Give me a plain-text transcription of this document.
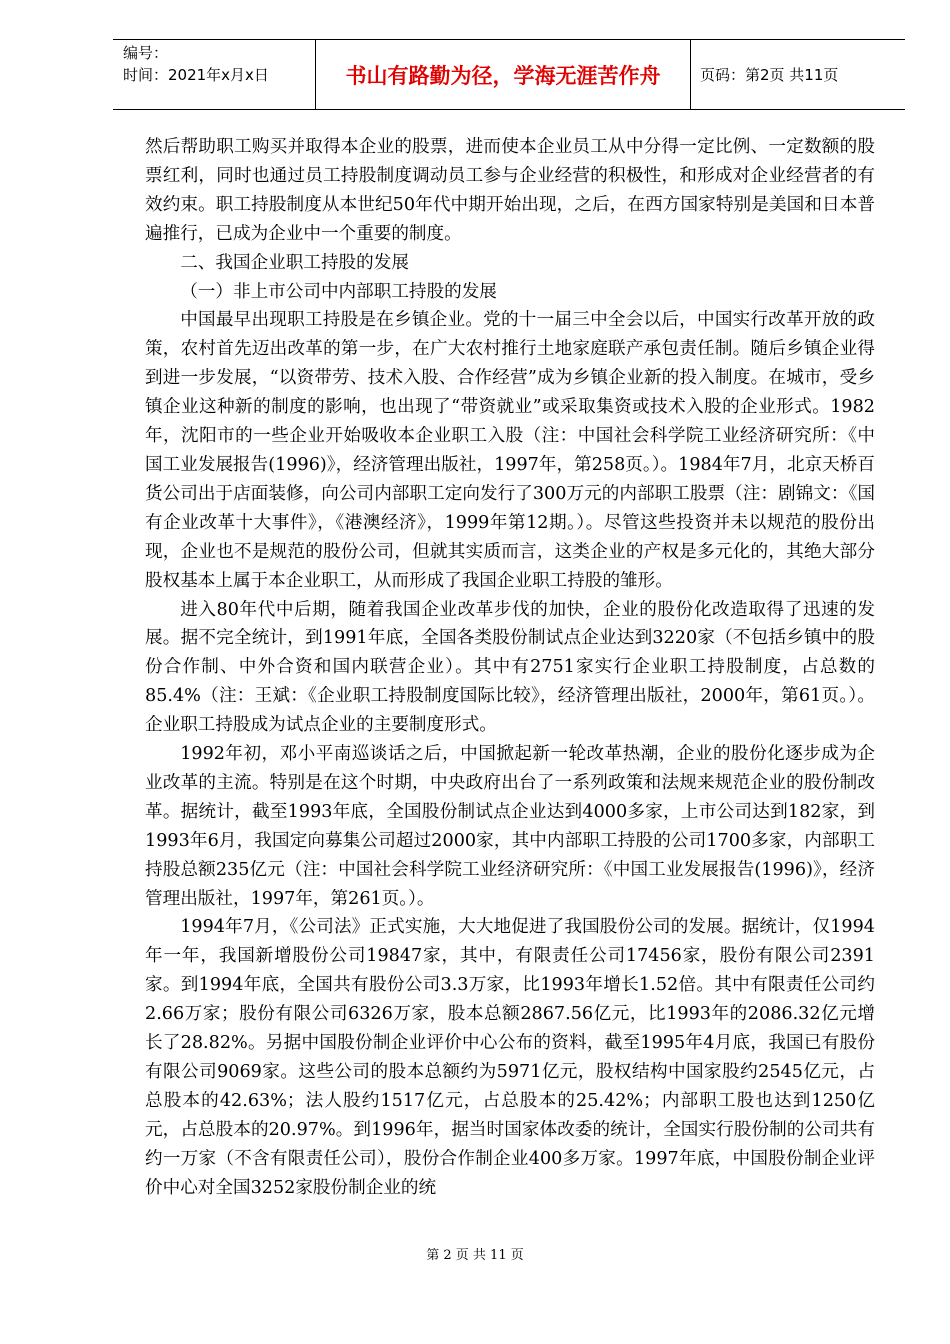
编号：
时间：2021年x月x日	书山有路勤为径，学海无涯苦作舟	页码：第2页 共11页

然后帮助职工购买并取得本企业的股票，进而使本企业员工从中分得一定比例、一定数额的股票红利，同时也通过员工持股制度调动员工参与企业经营的积极性，和形成对企业经营者的有效约束。职工持股制度从本世纪50年代中期开始出现，之后，在西方国家特别是美国和日本普遍推行，已成为企业中一个重要的制度。

二、我国企业职工持股的发展

（一）非上市公司中内部职工持股的发展

中国最早出现职工持股是在乡镇企业。党的十一届三中全会以后，中国实行改革开放的政策，农村首先迈出改革的第一步，在广大农村推行土地家庭联产承包责任制。随后乡镇企业得到进一步发展，“以资带劳、技术入股、合作经营”成为乡镇企业新的投入制度。在城市，受乡镇企业这种新的制度的影响，也出现了“带资就业”或采取集资或技术入股的企业形式。1982年，沈阳市的一些企业开始吸收本企业职工入股（注：中国社会科学院工业经济研究所：《中国工业发展报告(1996)》，经济管理出版社，1997年，第258页。）。1984年7月，北京天桥百货公司出于店面装修，向公司内部职工定向发行了300万元的内部职工股票（注：剧锦文：《国有企业改革十大事件》，《港澳经济》，1999年第12期。）。尽管这些投资并未以规范的股份出现，企业也不是规范的股份公司，但就其实质而言，这类企业的产权是多元化的，其绝大部分股权基本上属于本企业职工，从而形成了我国企业职工持股的雏形。

进入80年代中后期，随着我国企业改革步伐的加快，企业的股份化改造取得了迅速的发展。据不完全统计，到1991年底，全国各类股份制试点企业达到3220家（不包括乡镇中的股份合作制、中外合资和国内联营企业）。其中有2751家实行企业职工持股制度，占总数的85.4%（注：王斌：《企业职工持股制度国际比较》，经济管理出版社，2000年，第61页。）。企业职工持股成为试点企业的主要制度形式。

1992年初，邓小平南巡谈话之后，中国掀起新一轮改革热潮，企业的股份化逐步成为企业改革的主流。特别是在这个时期，中央政府出台了一系列政策和法规来规范企业的股份制改革。据统计，截至1993年底，全国股份制试点企业达到4000多家，上市公司达到182家，到1993年6月，我国定向募集公司超过2000家，其中内部职工持股的公司1700多家，内部职工持股总额235亿元（注：中国社会科学院工业经济研究所：《中国工业发展报告(1996)》，经济管理出版社，1997年，第261页。）。

1994年7月，《公司法》正式实施，大大地促进了我国股份公司的发展。据统计，仅1994年一年，我国新增股份公司19847家，其中，有限责任公司17456家，股份有限公司2391家。到1994年底，全国共有股份公司3.3万家，比1993年增长1.52倍。其中有限责任公司约2.66万家；股份有限公司6326万家，股本总额2867.56亿元，比1993年的2086.32亿元增长了28.82%。另据中国股份制企业评价中心公布的资料，截至1995年4月底，我国已有股份有限公司9069家。这些公司的股本总额约为5971亿元，股权结构中国家股约2545亿元，占总股本的42.63%；法人股约1517亿元，占总股本的25.42%；内部职工股也达到1250亿元，占总股本的20.97%。到1996年，据当时国家体改委的统计，全国实行股份制的公司共有约一万家（不含有限责任公司），股份合作制企业400多万家。1997年底，中国股份制企业评价中心对全国3252家股份制企业的统

第 2 页 共 11 页
